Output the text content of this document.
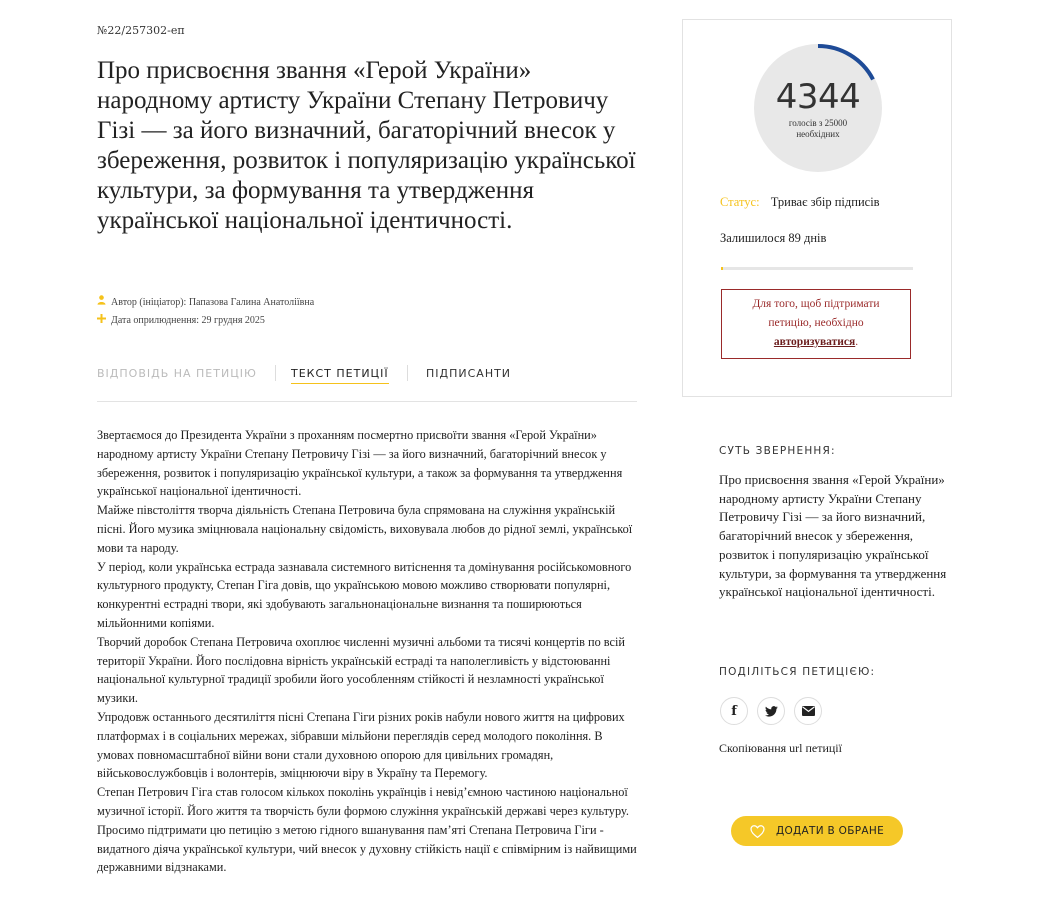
№22/257302-еп
Про присвоєння звання «Герой України» народному артисту України Степану Петровичу Гізі — за його визначний, багаторічний внесок у збереження, розвиток і популяризацію української культури, за формування та утвердження української національної ідентичності.
Автор (ініціатор): Папазова Галина Анатоліївна
Дата оприлюднення: 29 грудня 2025
ВІДПОВІДЬ НА ПЕТИЦІЮ	ТЕКСТ ПЕТИЦІЇ	ПІДПИСАНТИ

Звертаємося до Президента України з проханням посмертно присвоїти звання «Герой України» народному артисту України Степану Петровичу Гізі — за його визначний, багаторічний внесок у збереження, розвиток і популяризацію української культури, а також за формування та утвердження української національної ідентичності.

Майже півстоліття творча діяльність Степана Петровича була спрямована на служіння українській пісні. Його музика зміцнювала національну свідомість, виховувала любов до рідної землі, української мови та народу.

У період, коли українська естрада зазнавала системного витіснення та домінування російськомовного культурного продукту, Степан Гіга довів, що українською мовою можливо створювати популярні, конкурентні естрадні твори, які здобувають загальнонаціональне визнання та поширюються мільйонними копіями.

Творчий доробок Степана Петровича охоплює численні музичні альбоми та тисячі концертів по всій території України. Його послідовна вірність українській естраді та наполегливість у відстоюванні національної культурної традиції зробили його уособленням стійкості й незламності української музики.

Упродовж останнього десятиліття пісні Степана Гіги різних років набули нового життя на цифрових платформах і в соціальних мережах, зібравши мільйони переглядів серед молодого покоління. В умовах повномасштабної війни вони стали духовною опорою для цивільних громадян, військовослужбовців і волонтерів, зміцнюючи віру в Україну та Перемогу.

Степан Петрович Гіга став голосом кількох поколінь українців і невід’ємною частиною національної музичної історії. Його життя та творчість були формою служіння українській державі через культуру.

Просимо підтримати цю петицію з метою гідного вшанування пам’яті Степана Петровича Гіги - видатного діяча української культури, чий внесок у духовну стійкість нації є співмірним із найвищими державними відзнаками.

4344
голосів з 25000
необхідних
Статус: Триває збір підписів
Залишилося 89 днів
Для того, щоб підтримати
петицію, необхідно
авторизуватися.
СУТЬ ЗВЕРНЕННЯ:
Про присвоєння звання «Герой України» народному артисту України Степану Петровичу Гізі — за його визначний, багаторічний внесок у збереження, розвиток і популяризацію української культури, за формування та утвердження української національної ідентичності.
ПОДІЛІТЬСЯ ПЕТИЦІЄЮ:
f
Скопіювання url петиції
ДОДАТИ В ОБРАНЕ
